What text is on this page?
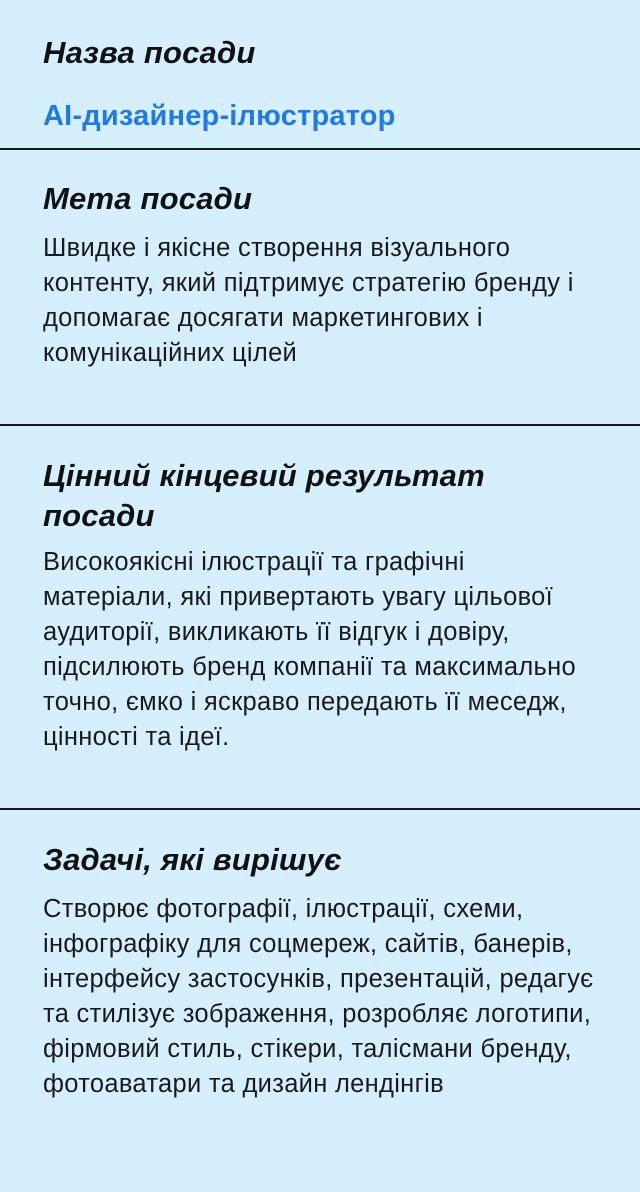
Назва посади
AI-дизайнер-ілюстратор
Мета посади

Швидке і якісне створення візуального контенту, який підтримує стратегію бренду і допомагає досягати маркетингових і комунікаційних цілей

Цінний кінцевий результат посади

Високоякісні ілюстрації та графічні матеріали, які привертають увагу цільової аудиторії, викликають її відгук і довіру, підсилюють бренд компанії та максимально точно, ємко і яскраво передають її меседж, цінності та ідеї.

Задачі, які вирішує

Створює фотографії, ілюстрації, схеми, інфографіку для соцмереж, сайтів, банерів, інтерфейсу застосунків, презентацій, редагує та стилізує зображення, розробляє логотипи, фірмовий стиль, стікери, талісмани бренду, фотоаватари та дизайн лендінгів
